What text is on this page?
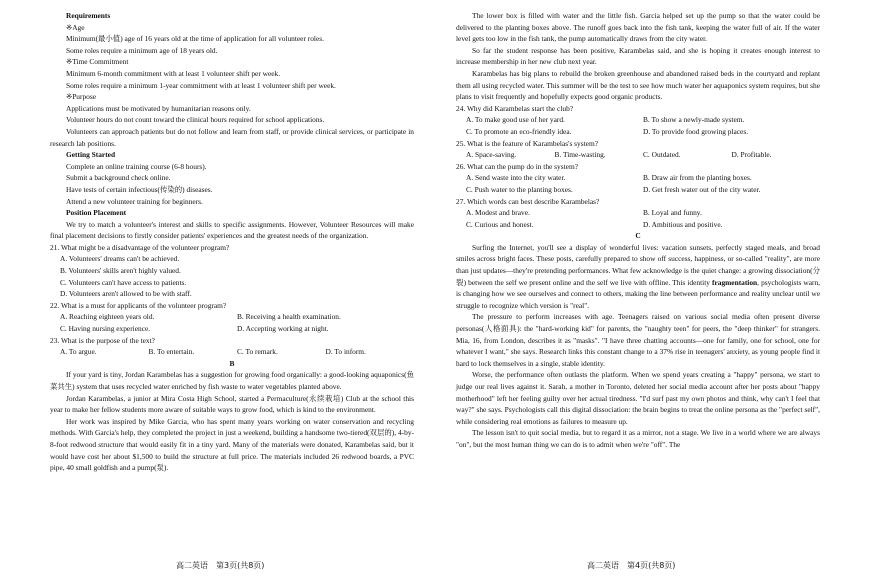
Requirements

※Age

Minimum(最小值) age of 16 years old at the time of application for all volunteer roles.

Some roles require a minimum age of 18 years old.

※Time Commitment

Minimum 6-month commitment with at least 1 volunteer shift per week.

Some roles require a minimum 1-year commitment with at least 1 volunteer shift per week.

※Purpose

Applications must be motivated by humanitarian reasons only.

Volunteer hours do not count toward the clinical hours required for school applications.

Volunteers can approach patients but do not follow and learn from staff, or provide clinical services, or participate in research lab positions.

Getting Started

Complete an online training course (6-8 hours).

Submit a background check online.

Have tests of certain infectious(传染的) diseases.

Attend a new volunteer training for beginners.

Position Placement

We try to match a volunteer's interest and skills to specific assignments. However, Volunteer Resources will make final placement decisions to firstly consider patients' experiences and the greatest needs of the organization.

21. What might be a disadvantage of the volunteer program?

A. Volunteers' dreams can't be achieved.

B. Volunteers' skills aren't highly valued.

C. Volunteers can't have access to patients.

D. Volunteers aren't allowed to be with staff.

22. What is a must for applicants of the volunteer program?

A. Reaching eighteen years old.	B. Receiving a health examination.
C. Having nursing experience.	D. Accepting working at night.

23. What is the purpose of the text?

A. To argue.	B. To entertain.	C. To remark.	D. To inform.

B

If your yard is tiny, Jordan Karambelas has a suggestion for growing food organically: a good-looking aquaponics(鱼菜共生) system that uses recycled water enriched by fish waste to water vegetables planted above.

Jordan Karambelas, a junior at Mira Costa High School, started a Permaculture(永续栽培) Club at the school this year to make her fellow students more aware of suitable ways to grow food, which is kind to the environment.

Her work was inspired by Mike Garcia, who has spent many years working on water conservation and recycling methods. With Garcia's help, they completed the project in just a weekend, building a handsome two-tiered(双层的), 4-by-8-foot redwood structure that would easily fit in a tiny yard. Many of the materials were donated, Karambelas said, but it would have cost her about $1,500 to build the structure at full price. The materials included 26 redwood boards, a PVC pipe, 40 small goldfish and a pump(泵).

The lower box is filled with water and the little fish. Garcia helped set up the pump so that the water could be delivered to the planting boxes above. The runoff goes back into the fish tank, keeping the water full of air. If the water level gets too low in the fish tank, the pump automatically draws from the city water.

So far the student response has been positive, Karambelas said, and she is hoping it creates enough interest to increase membership in her new club next year.

Karambelas has big plans to rebuild the broken greenhouse and abandoned raised beds in the courtyard and replant them all using recycled water. This summer will be the test to see how much water her aquaponics system requires, but she plans to visit frequently and hopefully expects good organic products.

24. Why did Karambelas start the club?

A. To make good use of her yard.	B. To show a newly-made system.
C. To promote an eco-friendly idea.	D. To provide food growing places.

25. What is the feature of Karambelas's system?

A. Space-saving.	B. Time-wasting.	C. Outdated.	D. Profitable.

26. What can the pump do in the system?

A. Send waste into the city water.	B. Draw air from the planting boxes.
C. Push water to the planting boxes.	D. Get fresh water out of the city water.

27. Which words can best describe Karambelas?

A. Modest and brave.	B. Loyal and funny.
C. Curious and honest.	D. Ambitious and positive.

C

Surfing the Internet, you'll see a display of wonderful lives: vacation sunsets, perfectly staged meals, and broad smiles across bright faces. These posts, carefully prepared to show off success, happiness, or so-called "reality", are more than just updates—they're pretending performances. What few acknowledge is the quiet change: a growing dissociation(分裂) between the self we present online and the self we live with offline. This identity fragmentation, psychologists warn, is changing how we see ourselves and connect to others, making the line between performance and reality unclear until we struggle to recognize which version is "real".

The pressure to perform increases with age. Teenagers raised on various social media often present diverse personas(人格面具): the "hard-working kid" for parents, the "naughty teen" for peers, the "deep thinker" for strangers. Mia, 16, from London, describes it as "masks". "I have three chatting accounts—one for family, one for school, one for whatever I want," she says. Research links this constant change to a 37% rise in teenagers' anxiety, as young people find it hard to lock themselves in a single, stable identity.

Worse, the performance often outlasts the platform. When we spend years creating a "happy" persona, we start to judge our real lives against it. Sarah, a mother in Toronto, deleted her social media account after her posts about "happy motherhood" left her feeling guilty over her actual tiredness. "I'd surf past my own photos and think, why can't I feel that way?" she says. Psychologists call this digital dissociation: the brain begins to treat the online persona as the "perfect self", while considering real emotions as failures to measure up.

The lesson isn't to quit social media, but to regard it as a mirror, not a stage. We live in a world where we are always "on", but the most human thing we can do is to admit when we're "off". The

高二英语　第3页(共8页)	高二英语　第4页(共8页)
